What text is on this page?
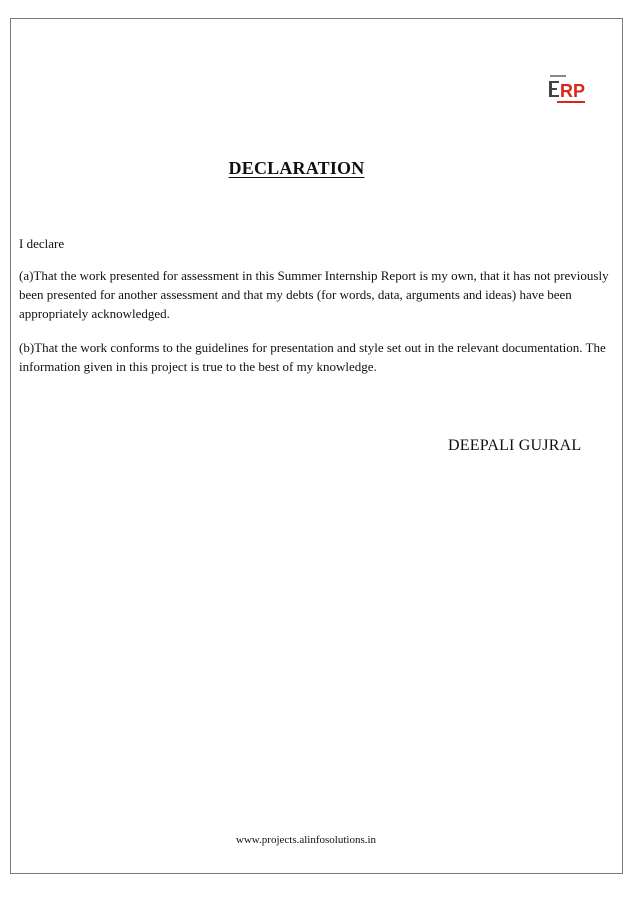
RP
DECLARATION
I declare
(a)That the work presented for assessment in this Summer Internship Report is my own, that it has not previously been presented for another assessment and that my debts (for words, data, arguments and ideas) have been appropriately acknowledged.
(b)That the work conforms to the guidelines for presentation and style set out in the relevant documentation. The information given in this project is true to the best of my knowledge.
DEEPALI GUJRAL
www.projects.alinfosolutions.in
